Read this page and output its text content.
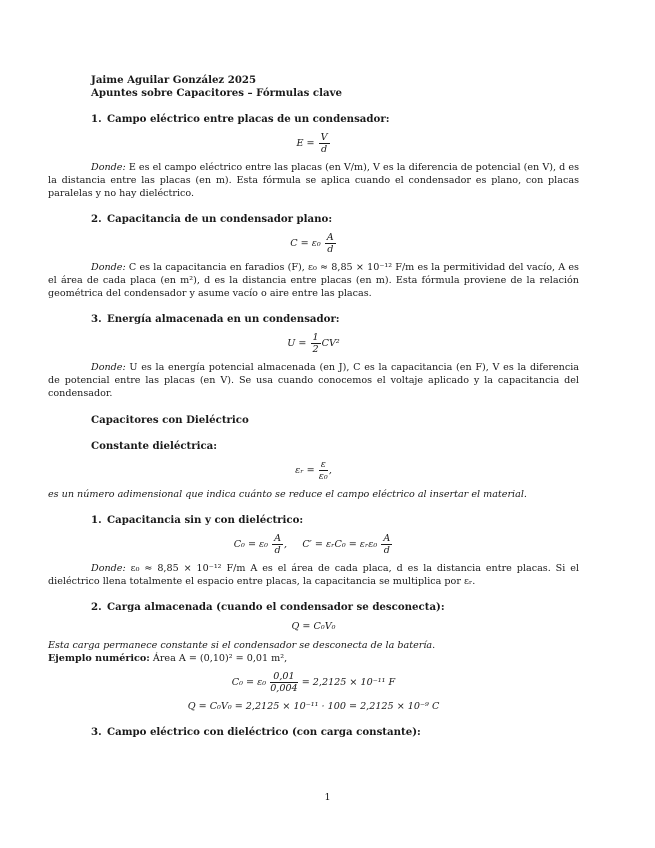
Jaime Aguilar González 2025
Apuntes sobre Capacitores – Fórmulas clave
1. Campo eléctrico entre placas de un condensador:
$E = \frac{V}{d}$
Donde: E es el campo eléctrico entre las placas (en V/m), V es la diferencia de potencial (en V), d es la distancia entre las placas (en m). Esta fórmula se aplica cuando el condensador es plano, con placas paralelas y no hay dieléctrico.
2. Capacitancia de un condensador plano:
$C = \varepsilon_0 \frac{A}{d}$
Donde: C es la capacitancia en faradios (F), ε₀ ≈ 8,85 × 10⁻¹² F/m es la permitividad del vacío, A es el área de cada placa (en m²), d es la distancia entre placas (en m). Esta fórmula proviene de la relación geométrica del condensador y asume vacío o aire entre las placas.
3. Energía almacenada en un condensador:
$U = \frac{1}{2} CV^2$
Donde: U es la energía potencial almacenada (en J), C es la capacitancia (en F), V es la diferencia de potencial entre las placas (en V). Se usa cuando conocemos el voltaje aplicado y la capacitancia del condensador.
Capacitores con Dieléctrico
Constante dieléctrica:
εᵣ = $\frac{\varepsilon}{\text{ε₀}}$ ,
es un número adimensional que indica cuánto se reduce el campo eléctrico al insertar el material.
1. Capacitancia sin y con dieléctrico:
$C_0 = \varepsilon_0 \frac{A}{d}$ , C′ = εᵣC₀ = εᵣε₀ $\frac{A}{d}$
Donde: ε₀ ≈ 8,85 × 10⁻¹² F/m A es el área de cada placa, d es la distancia entre placas. Si el dieléctrico llena totalmente el espacio entre placas, la capacitancia se multiplica por εᵣ.
2. Carga almacenada (cuando el condensador se desconecta):
Q = C₀V₀
Esta carga permanece constante si el condensador se desconecta de la batería.
Ejemplo numérico: Área A = (0,10)² = 0,01 m²,
$C_0 = \varepsilon_0 \frac{0,01}{0,004} = 2,2125 \times 10^{-11}$ F
Q = C₀V₀ = 2,2125 × 10⁻¹¹ · 100 = 2,2125 × 10⁻⁹ C
3. Campo eléctrico con dieléctrico (con carga constante):
1
